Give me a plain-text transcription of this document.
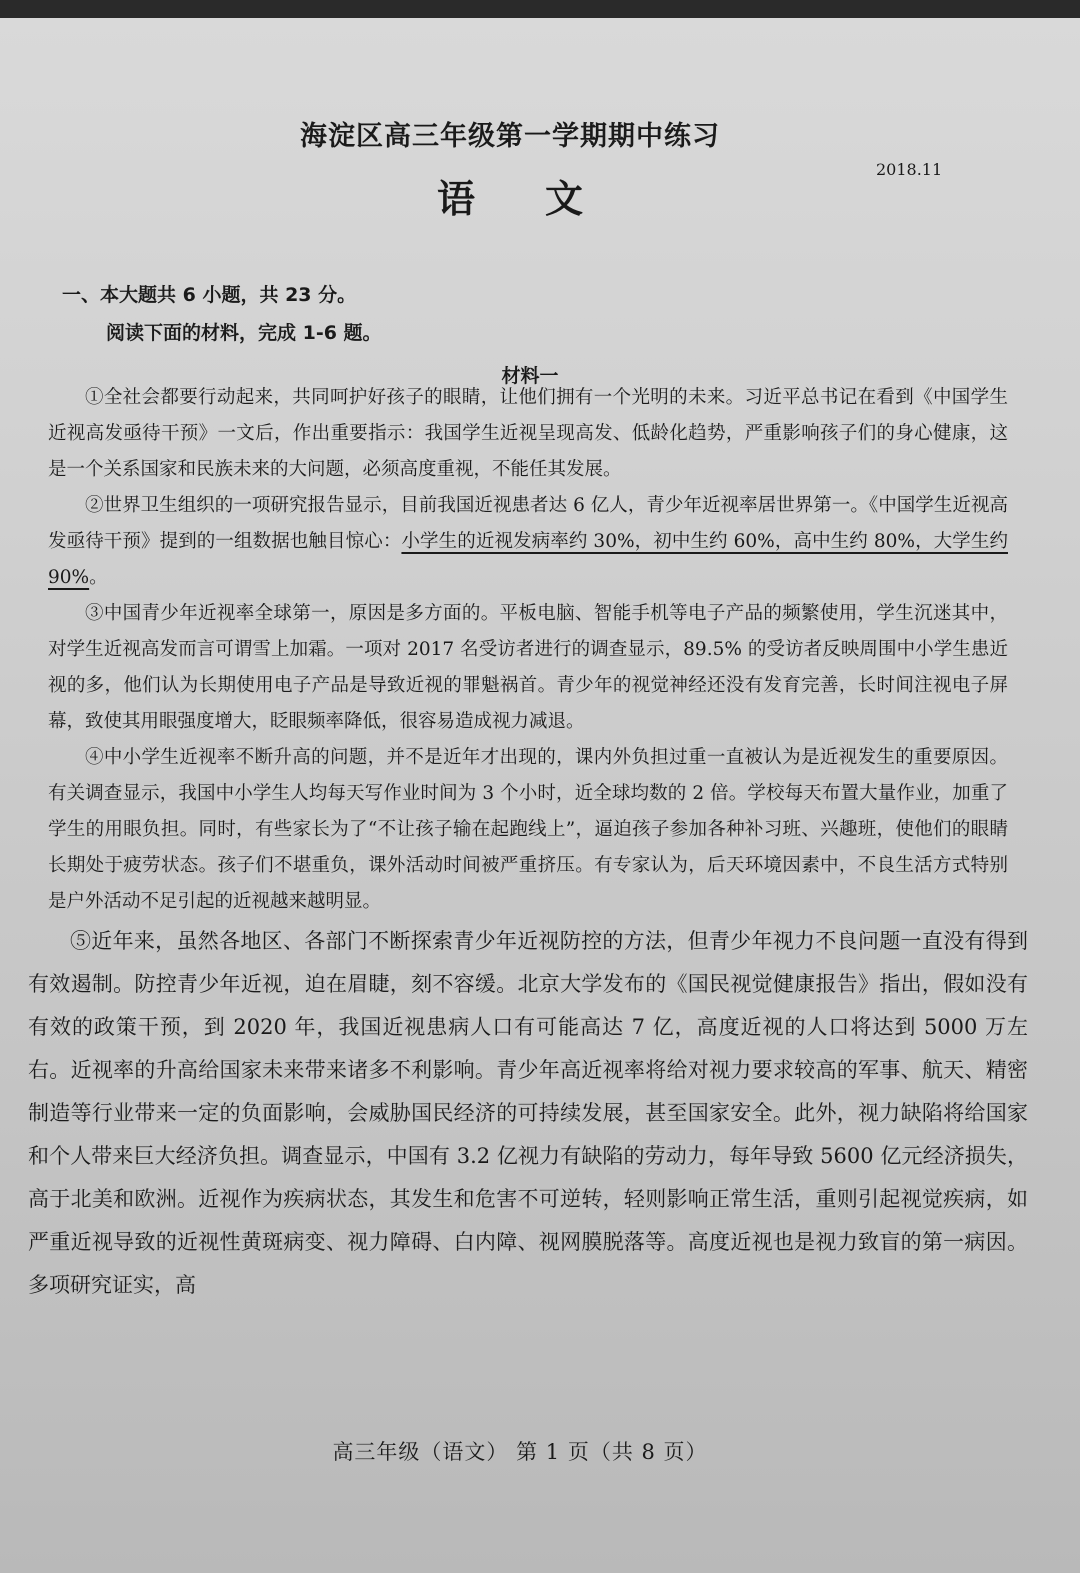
海淀区高三年级第一学期期中练习
语文
2018.11
一、本大题共 6 小题，共 23 分。
阅读下面的材料，完成 1-6 题。
材料一

①全社会都要行动起来，共同呵护好孩子的眼睛，让他们拥有一个光明的未来。习近平总书记在看到《中国学生近视高发亟待干预》一文后，作出重要指示：我国学生近视呈现高发、低龄化趋势，严重影响孩子们的身心健康，这是一个关系国家和民族未来的大问题，必须高度重视，不能任其发展。

②世界卫生组织的一项研究报告显示，目前我国近视患者达 6 亿人，青少年近视率居世界第一。《中国学生近视高发亟待干预》提到的一组数据也触目惊心：小学生的近视发病率约 30%，初中生约 60%，高中生约 80%，大学生约 90%。

③中国青少年近视率全球第一，原因是多方面的。平板电脑、智能手机等电子产品的频繁使用，学生沉迷其中，对学生近视高发而言可谓雪上加霜。一项对 2017 名受访者进行的调查显示，89.5% 的受访者反映周围中小学生患近视的多，他们认为长期使用电子产品是导致近视的罪魁祸首。青少年的视觉神经还没有发育完善，长时间注视电子屏幕，致使其用眼强度增大，眨眼频率降低，很容易造成视力减退。

④中小学生近视率不断升高的问题，并不是近年才出现的，课内外负担过重一直被认为是近视发生的重要原因。有关调查显示，我国中小学生人均每天写作业时间为 3 个小时，近全球均数的 2 倍。学校每天布置大量作业，加重了学生的用眼负担。同时，有些家长为了“不让孩子输在起跑线上”，逼迫孩子参加各种补习班、兴趣班，使他们的眼睛长期处于疲劳状态。孩子们不堪重负，课外活动时间被严重挤压。有专家认为，后天环境因素中，不良生活方式特别是户外活动不足引起的近视越来越明显。

⑤近年来，虽然各地区、各部门不断探索青少年近视防控的方法，但青少年视力不良问题一直没有得到有效遏制。防控青少年近视，迫在眉睫，刻不容缓。北京大学发布的《国民视觉健康报告》指出，假如没有有效的政策干预，到 2020 年，我国近视患病人口有可能高达 7 亿，高度近视的人口将达到 5000 万左右。近视率的升高给国家未来带来诸多不利影响。青少年高近视率将给对视力要求较高的军事、航天、精密制造等行业带来一定的负面影响，会威胁国民经济的可持续发展，甚至国家安全。此外，视力缺陷将给国家和个人带来巨大经济负担。调查显示，中国有 3.2 亿视力有缺陷的劳动力，每年导致 5600 亿元经济损失，高于北美和欧洲。近视作为疾病状态，其发生和危害不可逆转，轻则影响正常生活，重则引起视觉疾病，如严重近视导致的近视性黄斑病变、视力障碍、白内障、视网膜脱落等。高度近视也是视力致盲的第一病因。多项研究证实，高

高三年级（语文） 第 1 页（共 8 页）
